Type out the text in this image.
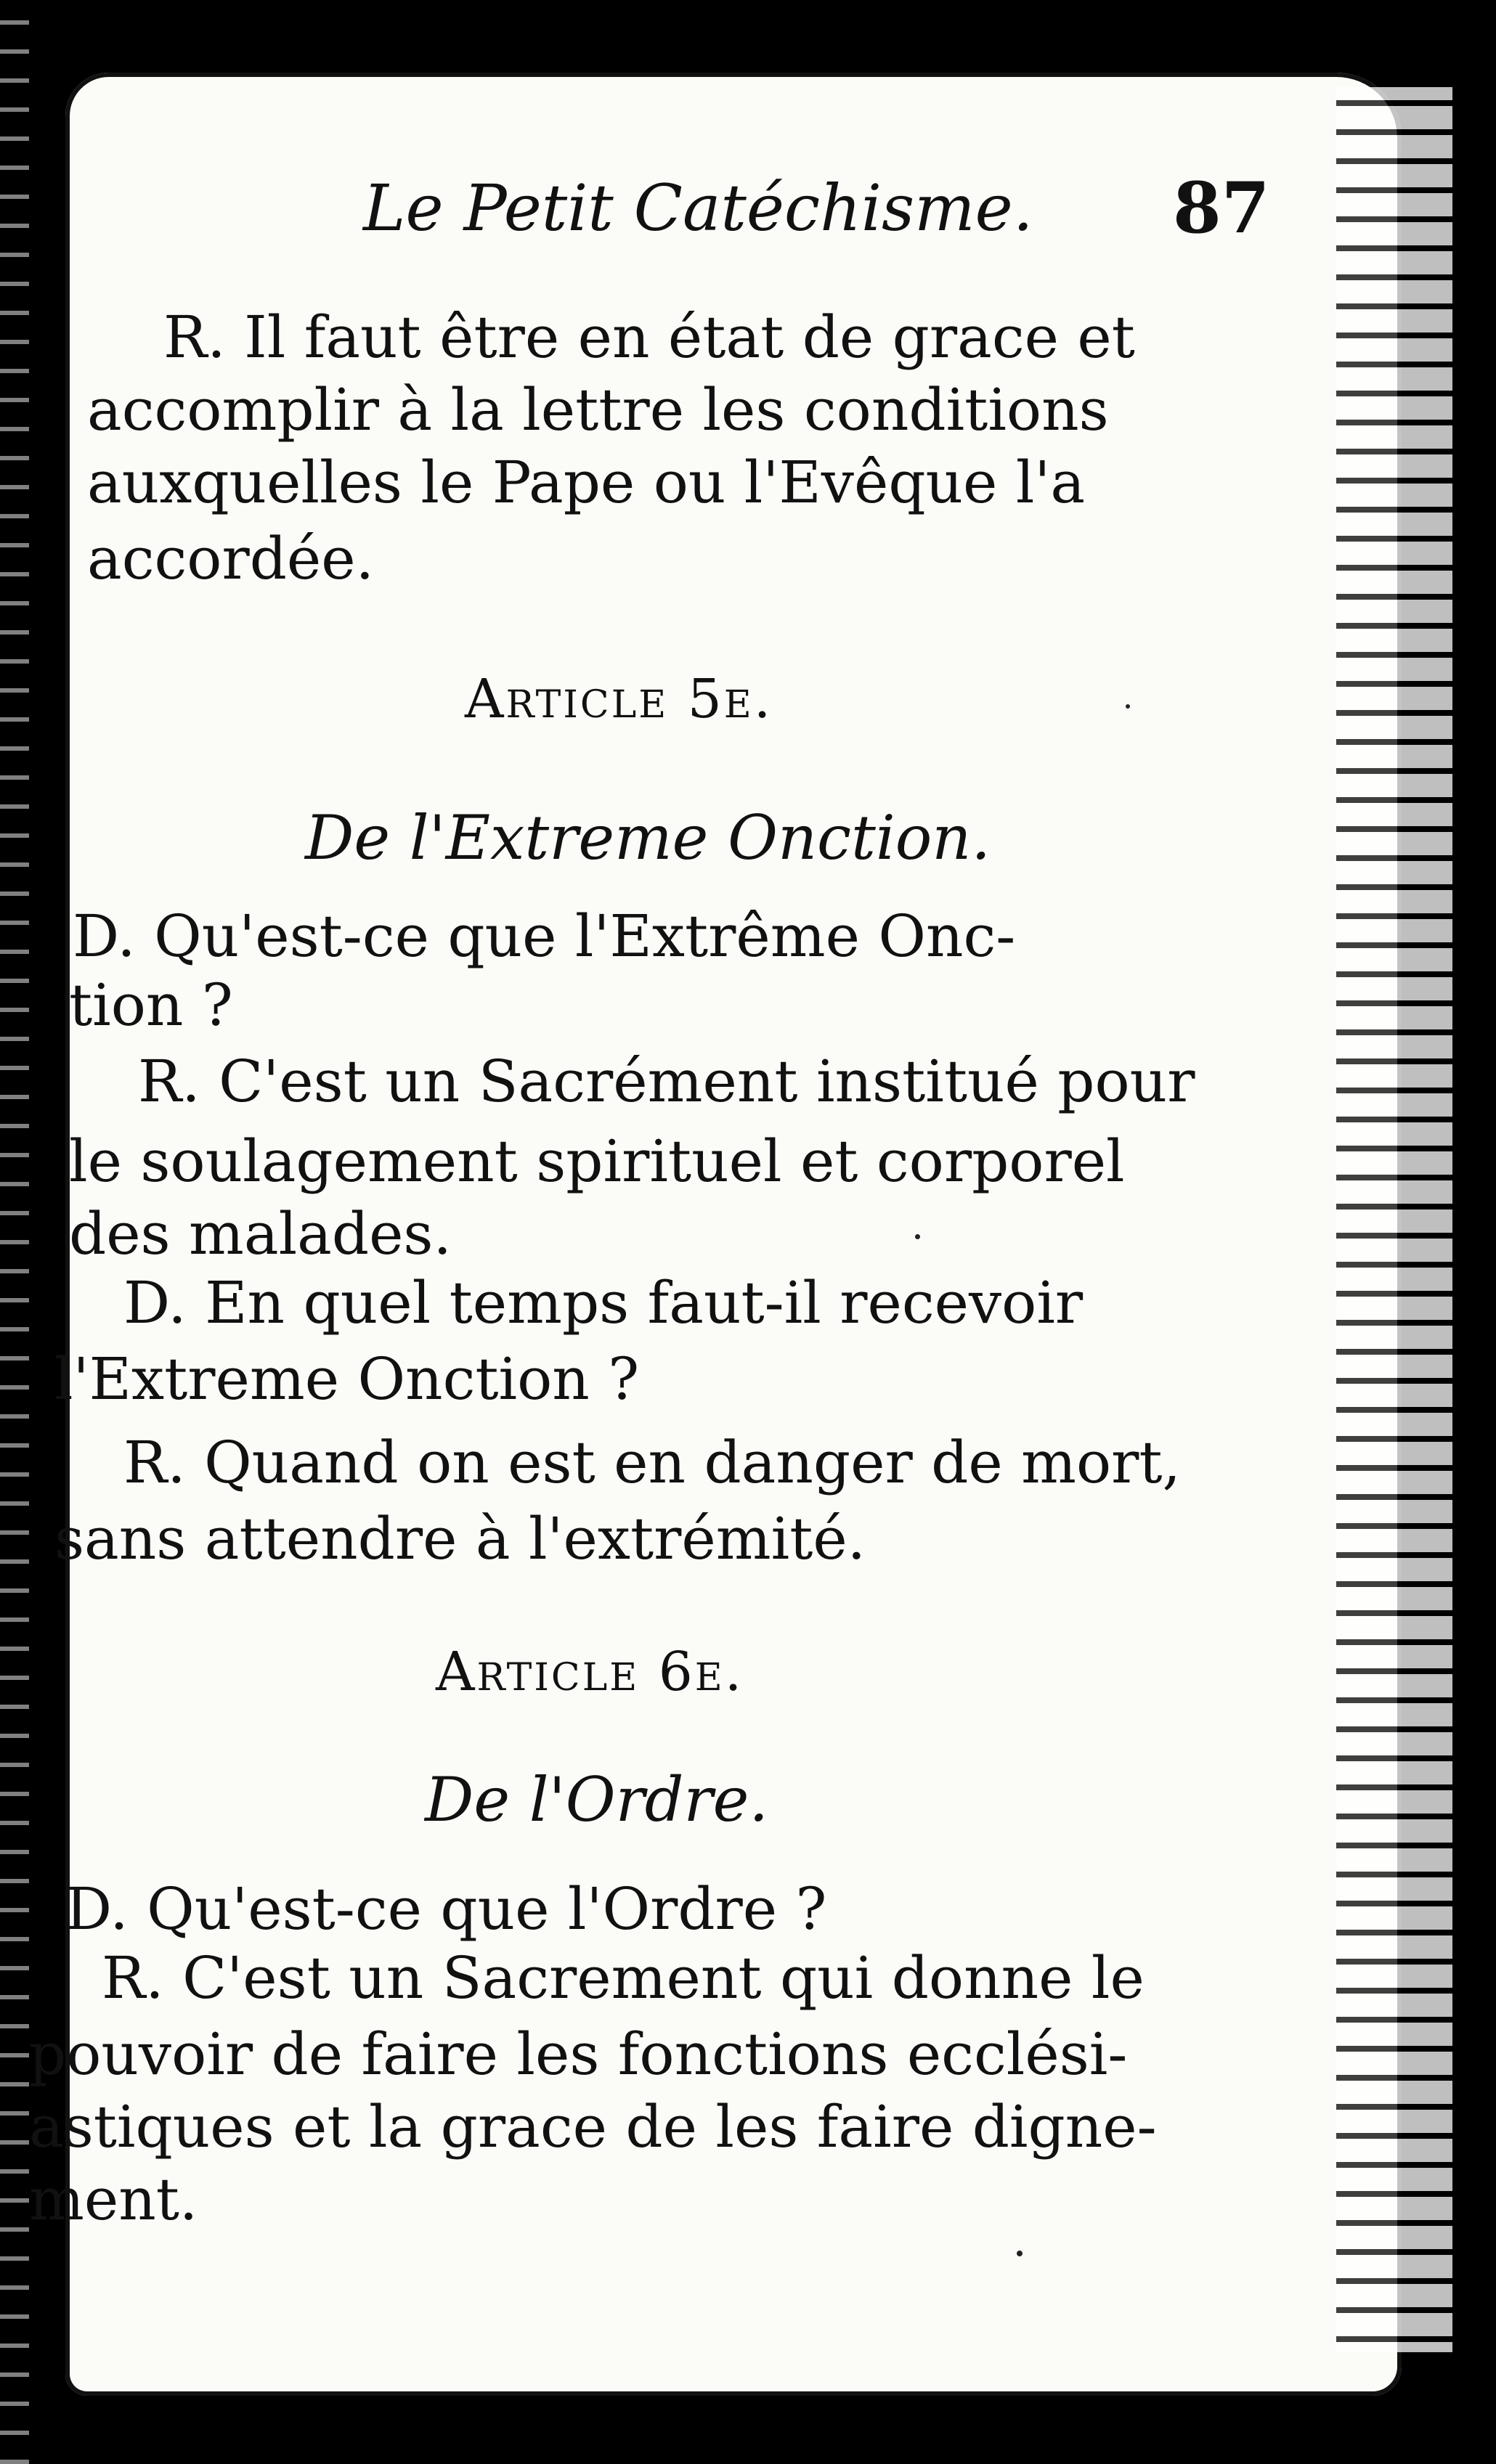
Le Petit Catéchisme. 87
R. Il faut être en état de grace et
accomplir à la lettre les conditions
auxquelles le Pape ou l'Evêque l'a
accordée.
Article 5e.
De l'Extreme Onction.
D. Qu'est-ce que l'Extrême Onc-
tion ?
R. C'est un Sacrément institué pour
le soulagement spirituel et corporel
des malades.
D. En quel temps faut-il recevoir
l'Extreme Onction ?
R. Quand on est en danger de mort,
sans attendre à l'extrémité.
Article 6e.
De l'Ordre.
D. Qu'est-ce que l'Ordre ?
R. C'est un Sacrement qui donne le
pouvoir de faire les fonctions ecclési-
astiques et la grace de les faire digne-
ment.
